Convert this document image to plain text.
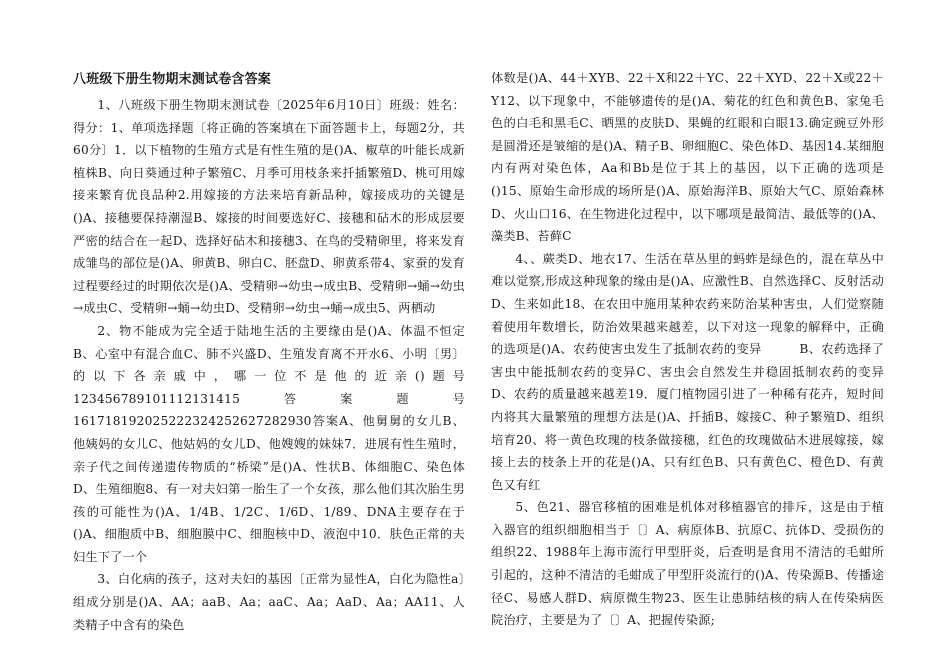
八班级下册生物期末测试卷含答案

1、八班级下册生物期末测试卷〔2025年6月10日〕班级：姓名：得分：1、单项选择题〔将正确的答案填在下面答题卡上，每题2分，共60分〕1．以下植物的生殖方式是有性生殖的是()A、椒草的叶能长成新植株B、向日葵通过种子繁殖C、月季可用枝条来扦插繁殖D、桃可用嫁接来繁育优良品种2.用嫁接的方法来培育新品种，嫁接成功的关键是()A、接穗要保持潮湿B、嫁接的时间要选好C、接穗和砧木的形成层要严密的结合在一起D、选择好砧木和接穗3、在鸟的受精卵里，将来发育成雏鸟的部位是()A、卵黄B、卵白C、胚盘D、卵黄系带4、家蚕的发育过程要经过的时期依次是()A、受精卵→幼虫→成虫B、受精卵→蛹→幼虫→成虫C、受精卵→蛹→幼虫D、受精卵→幼虫→蛹→成虫5、两栖动

2、物不能成为完全适于陆地生活的主要缘由是()A、体温不恒定B、心室中有混合血C、肺不兴盛D、生殖发育离不开水6、小明〔男〕的以下各亲戚中，哪一位不是他的近亲()题号12345678910111213141​5答案题号161718192025222324252627282930答案A、他舅舅的女儿B、他姨妈的女儿C、他姑妈的女儿D、他嫂嫂的妹妹7．进展有性生殖时，亲子代之间传递遗传物质的“桥梁”是()A、性状B、体细胞C、染色体D、生殖细胞8、有一对夫妇第一胎生了一个女孩，那么他们其次胎生男孩的可能性为()A、1/4B、1/2C、1/6D、1/89、DNA主要存在于()A、细胞质中B、细胞膜中C、细胞核中D、液泡中10．肤色正常的夫妇生下了一个

3、白化病的孩子，这对夫妇的基因〔正常为显性A，白化为隐性a〕组成分别是()A、AA；aaB、Aa；aaC、Aa；AaD、Aa；AA11、人类精子中含有的染色

体数是()A、44＋XYB、22＋X和22＋YC、22＋XYD、22＋X或22＋Y12、以下现象中，不能够遗传的是()A、菊花的红色和黄色B、家兔毛色的白毛和黑毛C、晒黑的皮肤D、果蝇的红眼和白眼13.确定豌豆外形是圆滑还是皱缩的是()A、精子B、卵细胞C、染色体D、基因14.某细胞内有两对染色体，Aa和Bb是位于其上的基因，以下正确的选项是()15、原始生命形成的场所是()A、原始海洋B、原始大气C、原始森林D、火山口16、在生物进化过程中，以下哪项是最简洁、最低等的()A、藻类B、苔藓C

4、、蕨类D、地衣17、生活在草丛里的蚂蚱是绿色的，混在草丛中难以觉察,形成这种现象的缘由是()A、应激性B、自然选择C、反射活动D、生来如此18、在农田中施用某种农药来防治某种害虫，人们觉察随着使用年数增长，防治效果越来越差，以下对这一现象的解释中，正确的选项是()A、农药使害虫发生了抵制农药的变异　　　B、农药选择了害虫中能抵制农药的变异C、害虫会自然发生并稳固抵制农药的变异　　D、农药的质量越来越差19．厦门植物园引进了一种稀有花卉，短时间内将其大量繁殖的理想方法是()A、扦插B、嫁接C、种子繁殖D、组织培育20、将一黄色玫瑰的枝条做接穗，红色的玫瑰做砧木进展嫁接，嫁接上去的枝条上开的花是()A、只有红色B、只有黄色C、橙色D、有黄色又有红

5、色21、器官移植的困难是机体对移植器官的排斥，这是由于植入器官的组织细胞相当于〔〕A、病原体B、抗原C、抗体D、受损伤的组织22、1988年上海市流行甲型肝炎，后查明是食用不清洁的毛蚶所引起的，这种不清洁的毛蚶成了甲型肝炎流行的()A、传染源B、传播途径C、易感人群D、病原微生物23、医生让患肺结核的病人在传染病医院治疗，主要是为了〔〕A、把握传染源;
